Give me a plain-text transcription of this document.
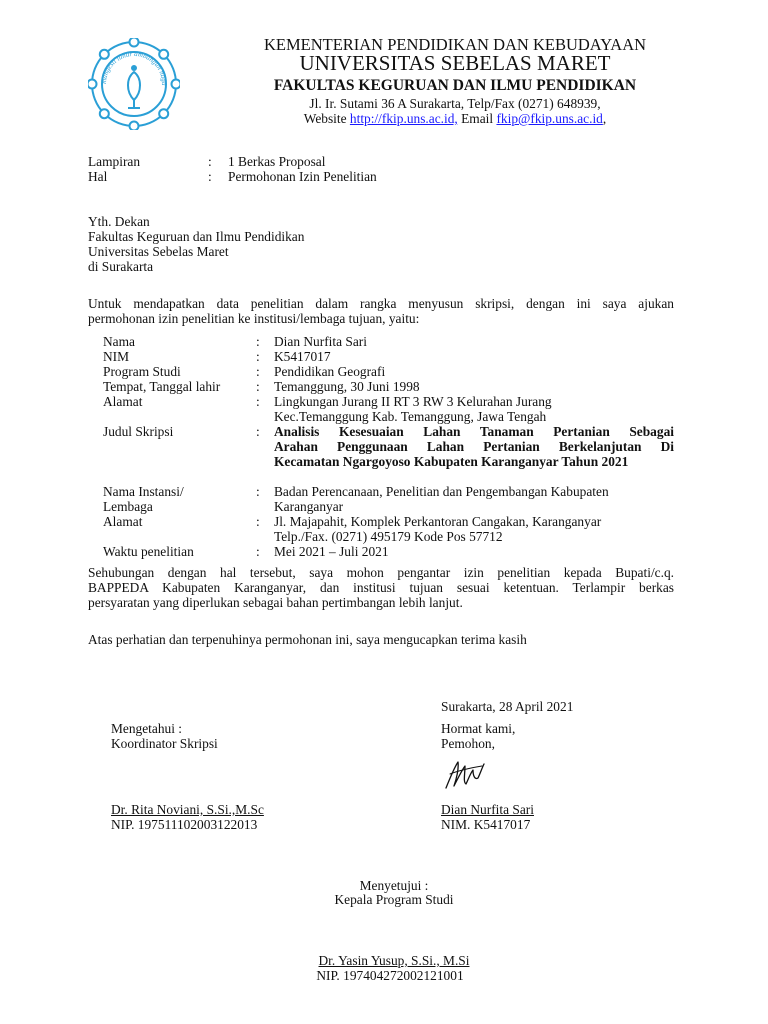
mangesti luhur ambangun naga
KEMENTERIAN PENDIDIKAN DAN KEBUDAYAAN
UNIVERSITAS SEBELAS MARET
FAKULTAS KEGURUAN DAN ILMU PENDIDIKAN
Jl. Ir. Sutami 36 A Surakarta, Telp/Fax (0271) 648939,
Website http://fkip.uns.ac.id, Email fkip@fkip.uns.ac.id,
Lampiran	: 1 Berkas Proposal
Hal	: Permohonan Izin Penelitian
Yth. Dekan
Fakultas Keguruan dan Ilmu Pendidikan
Universitas Sebelas Maret
di Surakarta
Untuk mendapatkan data penelitian dalam rangka menyusun skripsi, dengan ini saya ajukan
permohonan izin penelitian ke institusi/lembaga tujuan, yaitu:
Nama	: Dian Nurfita Sari
NIM	: K5417017
Program Studi	: Pendidikan Geografi
Tempat, Tanggal lahir	: Temanggung, 30 Juni 1998
Alamat	: Lingkungan Jurang II RT 3 RW 3 Kelurahan Jurang
Kec.Temanggung Kab. Temanggung, Jawa Tengah
Judul Skripsi	: Analisis Kesesuaian Lahan Tanaman Pertanian Sebagai
Arahan Penggunaan Lahan Pertanian Berkelanjutan Di
Kecamatan Ngargoyoso Kabupaten Karanganyar Tahun 2021
Nama Instansi/
Lembaga
: Badan Perencanaan, Penelitian dan Pengembangan Kabupaten
Karanganyar
Alamat	: Jl. Majapahit, Komplek Perkantoran Cangakan, Karanganyar
Telp./Fax. (0271) 495179 Kode Pos 57712
Waktu penelitian	: Mei 2021 – Juli 2021
Sehubungan dengan hal tersebut, saya mohon pengantar izin penelitian kepada Bupati/c.q.
BAPPEDA Kabupaten Karanganyar, dan institusi tujuan sesuai ketentuan. Terlampir berkas
persyaratan yang diperlukan sebagai bahan pertimbangan lebih lanjut.
Atas perhatian dan terpenuhinya permohonan ini, saya mengucapkan terima kasih
Surakarta, 28 April 2021
Mengetahui :
Koordinator Skripsi
Dr. Rita Noviani, S.Si.,M.Sc
NIP. 197511102003122013
Hormat kami,
Pemohon,
Dian Nurfita Sari
NIM. K5417017
Menyetujui :
Kepala Program Studi
Dr. Yasin Yusup, S.Si., M.Si
NIP. 197404272002121001
